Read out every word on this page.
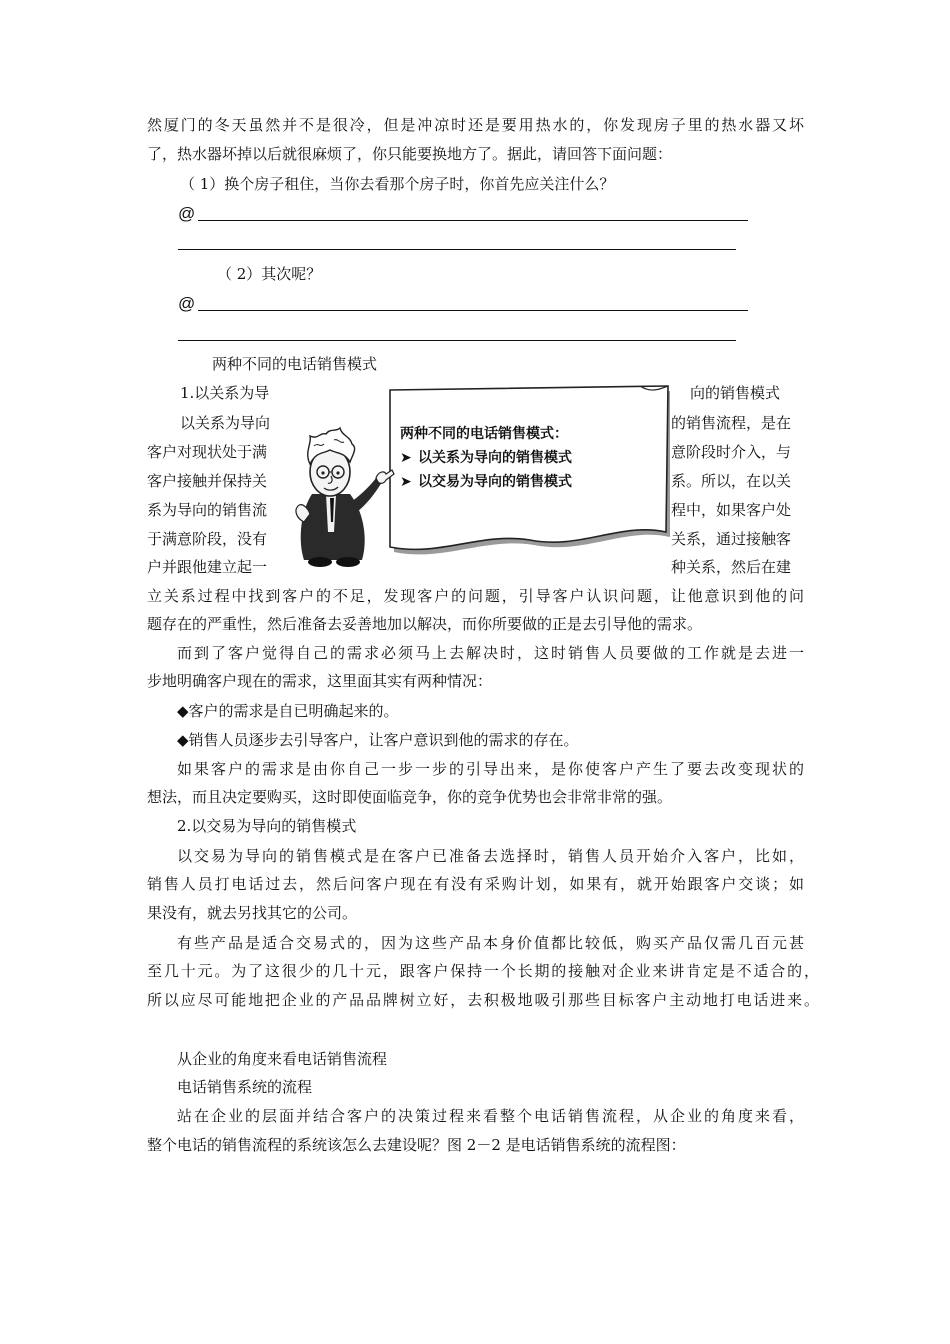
然厦门的冬天虽然并不是很冷，但是冲凉时还是要用热水的，你发现房子里的热水器又坏
了，热水器坏掉以后就很麻烦了，你只能要换地方了。据此，请回答下面问题：
（ 1）换个房子租住，当你去看那个房子时，你首先应关注什么？
@
（ 2）其次呢？
@
两种不同的电话销售模式
1.以关系为导	向的销售模式
以关系为导向	的销售流程，是在
客户对现状处于满	意阶段时介入，与
客户接触并保持关	系。所以，在以关
系为导向的销售流	程中，如果客户处
于满意阶段，没有	关系，通过接触客
户并跟他建立起一	种关系，然后在建
两种不同的电话销售模式：
➤ 以关系为导向的销售模式
➤ 以交易为导向的销售模式
立关系过程中找到客户的不足，发现客户的问题，引导客户认识问题，让他意识到他的问
题存在的严重性，然后准备去妥善地加以解决，而你所要做的正是去引导他的需求。
而到了客户觉得自己的需求必须马上去解决时，这时销售人员要做的工作就是去进一
步地明确客户现在的需求，这里面其实有两种情况：
◆客户的需求是自已明确起来的。
◆销售人员逐步去引导客户，让客户意识到他的需求的存在。
如果客户的需求是由你自己一步一步的引导出来，是你使客户产生了要去改变现状的
想法，而且决定要购买，这时即使面临竞争，你的竞争优势也会非常非常的强。
2.以交易为导向的销售模式
以交易为导向的销售模式是在客户已准备去选择时，销售人员开始介入客户，比如，
销售人员打电话过去，然后问客户现在有没有采购计划，如果有，就开始跟客户交谈；如
果没有，就去另找其它的公司。
有些产品是适合交易式的，因为这些产品本身价值都比较低，购买产品仅需几百元甚
至几十元。为了这很少的几十元，跟客户保持一个长期的接触对企业来讲肯定是不适合的，
所以应尽可能地把企业的产品品牌树立好，去积极地吸引那些目标客户主动地打电话进来。
从企业的角度来看电话销售流程
电话销售系统的流程
站在企业的层面并结合客户的决策过程来看整个电话销售流程，从企业的角度来看，
整个电话的销售流程的系统该怎么去建设呢？图 2－2 是电话销售系统的流程图：
